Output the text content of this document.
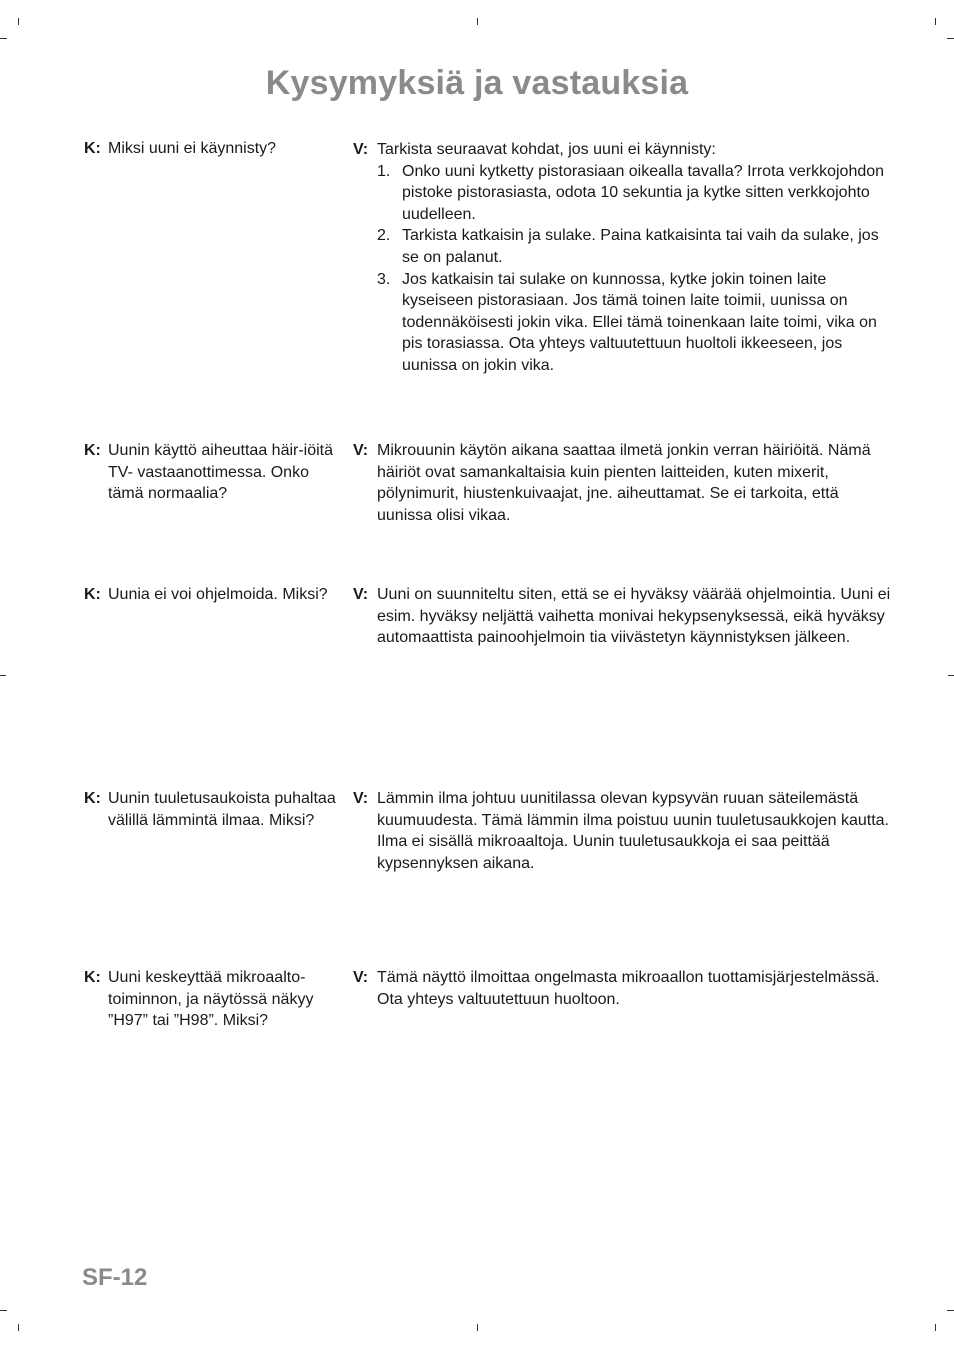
Kysymyksiä ja vastauksia
K: Miksi uuni ei käynnisty?	V: Tarkista seuraavat kohdat, jos uuni ei käynnisty:
1. Onko uuni kytketty pistorasiaan oikealla tavalla? Irrota verkkojohdon pistoke pistorasiasta, odota 10 sekuntia ja kytke sitten verkkojohto uudelleen.
2. Tarkista katkaisin ja sulake. Paina katkaisinta tai vaih da sulake, jos se on palanut.
3. Jos katkaisin tai sulake on kunnossa, kytke jokin toinen laite kyseiseen pistorasiaan. Jos tämä toinen laite toimii, uunissa on todennäköisesti jokin vika. Ellei tämä toinenkaan laite toimi, vika on pis torasiassa. Ota yhteys valtuutettuun huoltoli ikkeeseen, jos uunissa on jokin vika.
K: Uunin käyttö aiheuttaa häir-iöitä TV- vastaanottimessa. Onko tämä normaalia?
V: Mikrouunin käytön aikana saattaa ilmetä jonkin verran häiriöitä. Nämä häiriöt ovat samankaltaisia kuin pienten laitteiden, kuten mixerit, pölynimurit, hiustenkuivaajat, jne. aiheuttamat. Se ei tarkoita, että uunissa olisi vikaa.
K: Uunia ei voi ohjelmoida. Miksi?	V: Uuni on suunniteltu siten, että se ei hyväksy väärää ohjelmointia. Uuni ei esim. hyväksy neljättä vaihetta monivai hekypsenyksessä, eikä hyväksy automaattista painoohjelmoin tia viivästetyn käynnistyksen jälkeen.
K: Uunin tuuletusaukoista puhaltaa välillä lämmintä ilmaa. Miksi?
V: Lämmin ilma johtuu uunitilassa olevan kypsyvän ruuan säteilemästä kuumuudesta. Tämä lämmin ilma poistuu uunin tuuletusaukkojen kautta. Ilma ei sisällä mikroaaltoja. Uunin tuuletusaukkoja ei saa peittää kypsennyksen aikana.
K: Uuni keskeyttää mikroaalto-toiminnon, ja näytössä näkyy ”H97” tai ”H98”. Miksi?
V: Tämä näyttö ilmoittaa ongelmasta mikroaallon tuottamisjärjestelmässä. Ota yhteys valtuutettuun huoltoon.
SF-12
